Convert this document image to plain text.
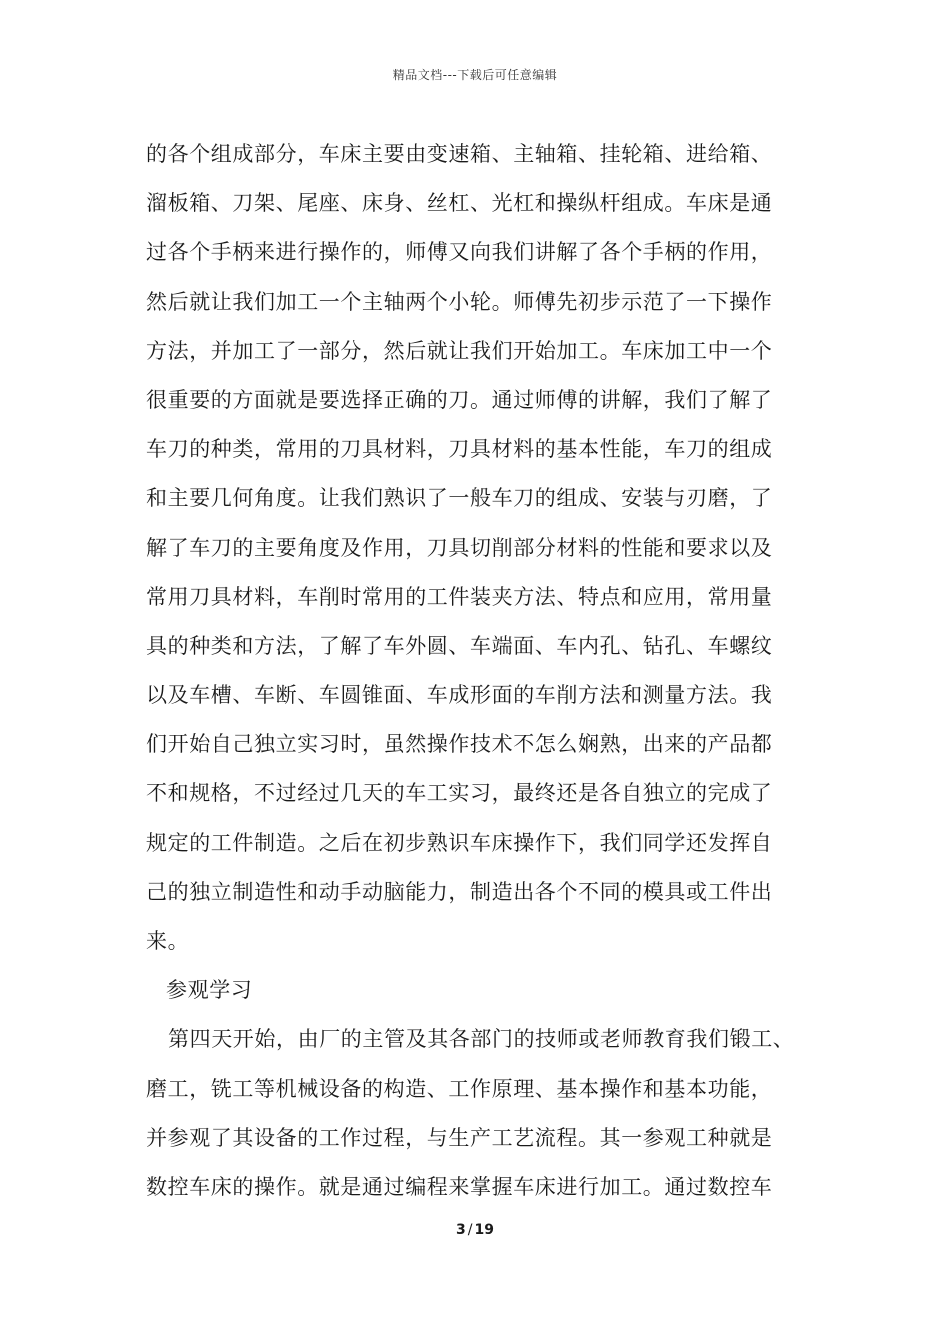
精品文档---下载后可任意编辑
的各个组成部分，车床主要由变速箱、主轴箱、挂轮箱、进给箱、
溜板箱、刀架、尾座、床身、丝杠、光杠和操纵杆组成。车床是通
过各个手柄来进行操作的，师傅又向我们讲解了各个手柄的作用，
然后就让我们加工一个主轴两个小轮。师傅先初步示范了一下操作
方法，并加工了一部分，然后就让我们开始加工。车床加工中一个
很重要的方面就是要选择正确的刀。通过师傅的讲解，我们了解了
车刀的种类，常用的刀具材料，刀具材料的基本性能，车刀的组成
和主要几何角度。让我们熟识了一般车刀的组成、安装与刃磨，了
解了车刀的主要角度及作用，刀具切削部分材料的性能和要求以及
常用刀具材料，车削时常用的工件装夹方法、特点和应用，常用量
具的种类和方法，了解了车外圆、车端面、车内孔、钻孔、车螺纹
以及车槽、车断、车圆锥面、车成形面的车削方法和测量方法。我
们开始自己独立实习时，虽然操作技术不怎么娴熟，出来的产品都
不和规格，不过经过几天的车工实习，最终还是各自独立的完成了
规定的工件制造。之后在初步熟识车床操作下，我们同学还发挥自
己的独立制造性和动手动脑能力，制造出各个不同的模具或工件出
来。
参观学习
第四天开始，由厂的主管及其各部门的技师或老师教育我们锻工、
磨工，铣工等机械设备的构造、工作原理、基本操作和基本功能，
并参观了其设备的工作过程，与生产工艺流程。其一参观工种就是
数控车床的操作。就是通过编程来掌握车床进行加工。通过数控车
3 / 19
